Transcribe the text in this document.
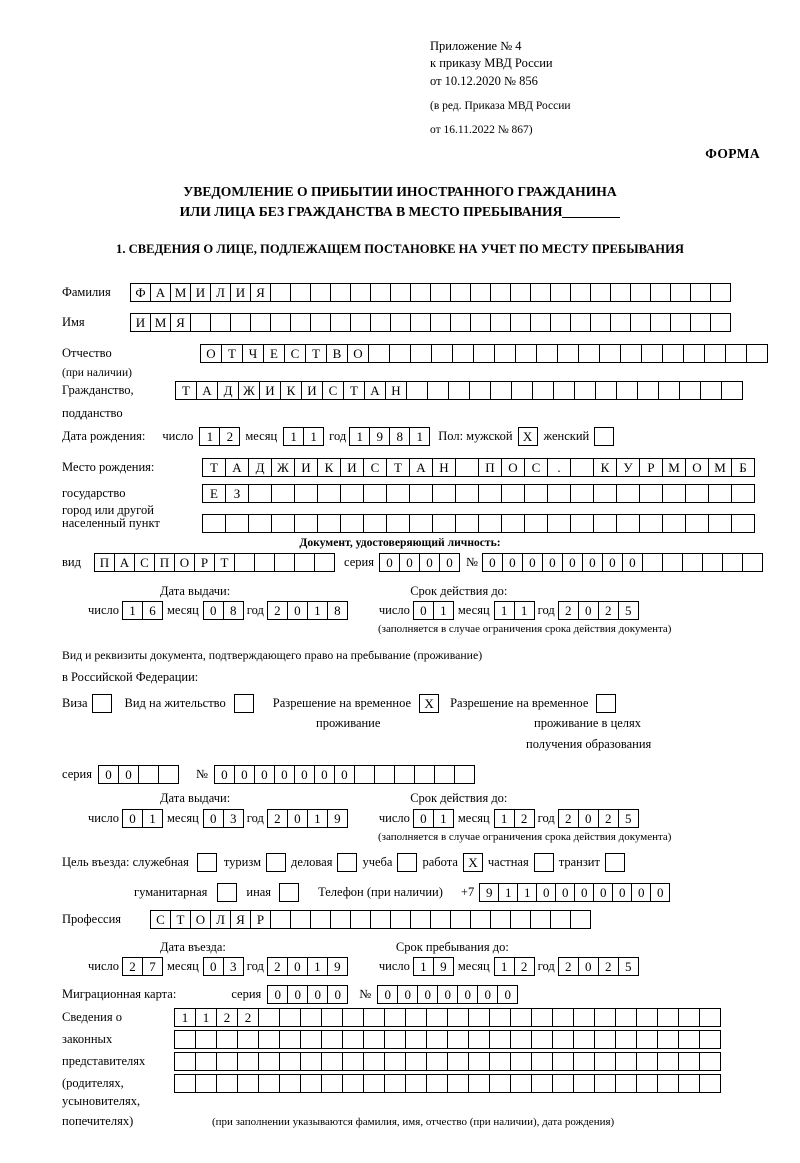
Приложение № 4
к приказу МВД России
от 10.12.2020 № 856
(в ред. Приказа МВД России
от 16.11.2022 № 867)
ФОРМА
УВЕДОМЛЕНИЕ О ПРИБЫТИИ ИНОСТРАННОГО ГРАЖДАНИНА
ИЛИ ЛИЦА БЕЗ ГРАЖДАНСТВА В МЕСТО ПРЕБЫВАНИЯ
1. СВЕДЕНИЯ О ЛИЦЕ, ПОДЛЕЖАЩЕМ ПОСТАНОВКЕ НА УЧЕТ ПО МЕСТУ ПРЕБЫВАНИЯ
Фамилия	Ф А М И Л И Я
Имя	И М Я
Отчество	О Т Ч Е С Т В О
(при наличии)
Гражданство,	Т А Д Ж И К И С Т А Н
подданство
Дата рождения: число	1	2 месяц	1	1 год 1	9	8	1	Пол: мужской X женский
Место рождения:	Т	А	Д Ж И	К	И	С	Т	А	Н	П	О	С	.	К	У	Р	М О М	Б
государство	Е	З
город или другой
населенный пункт
Документ, удостоверяющий личность:
вид	П А С П О Р Т	серия 0	0	0	0	№ 0	0	0	0	0	0	0	0
Дата выдачи:	Срок действия до:
число 1	6 месяц 0	8 год 2	0	1	8	число 0	1 месяц 1	1 год 2	0	2	5
(заполняется в случае ограничения срока действия документа)
Вид и реквизиты документа, подтверждающего право на пребывание (проживание)
в Российской Федерации:
Виза	Вид на жительство	Разрешение на временное	X	Разрешение на временное
проживание	проживание в целях
получения образования
серия	0	0	№	0	0	0	0	0	0	0
Дата выдачи:	Срок действия до:
число 0	1 месяц 0	3 год 2	0	1	9	число 0	1 месяц 1	2 год 2	0	2	5
(заполняется в случае ограничения срока действия документа)
Цель въезда: служебная	туризм деловая учеба работа X частная транзит
гуманитарная	иная	Телефон (при наличии) +7 9 1 1 0 0 0 0 0 0 0
Профессия	С Т О Л Я Р
Дата въезда:	Срок пребывания до:
число 2	7 месяц 0	3 год 2	0	1	9	число 1	9 месяц 1	2 год 2	0	2	5
Миграционная карта:	серия	0	0	0	0	№	0	0	0	0	0	0	0
Сведения о	1	1	2	2
законных
представителях
(родителях,
усыновителях,
попечителях)	(при заполнении указываются фамилия, имя, отчество (при наличии), дата рождения)
